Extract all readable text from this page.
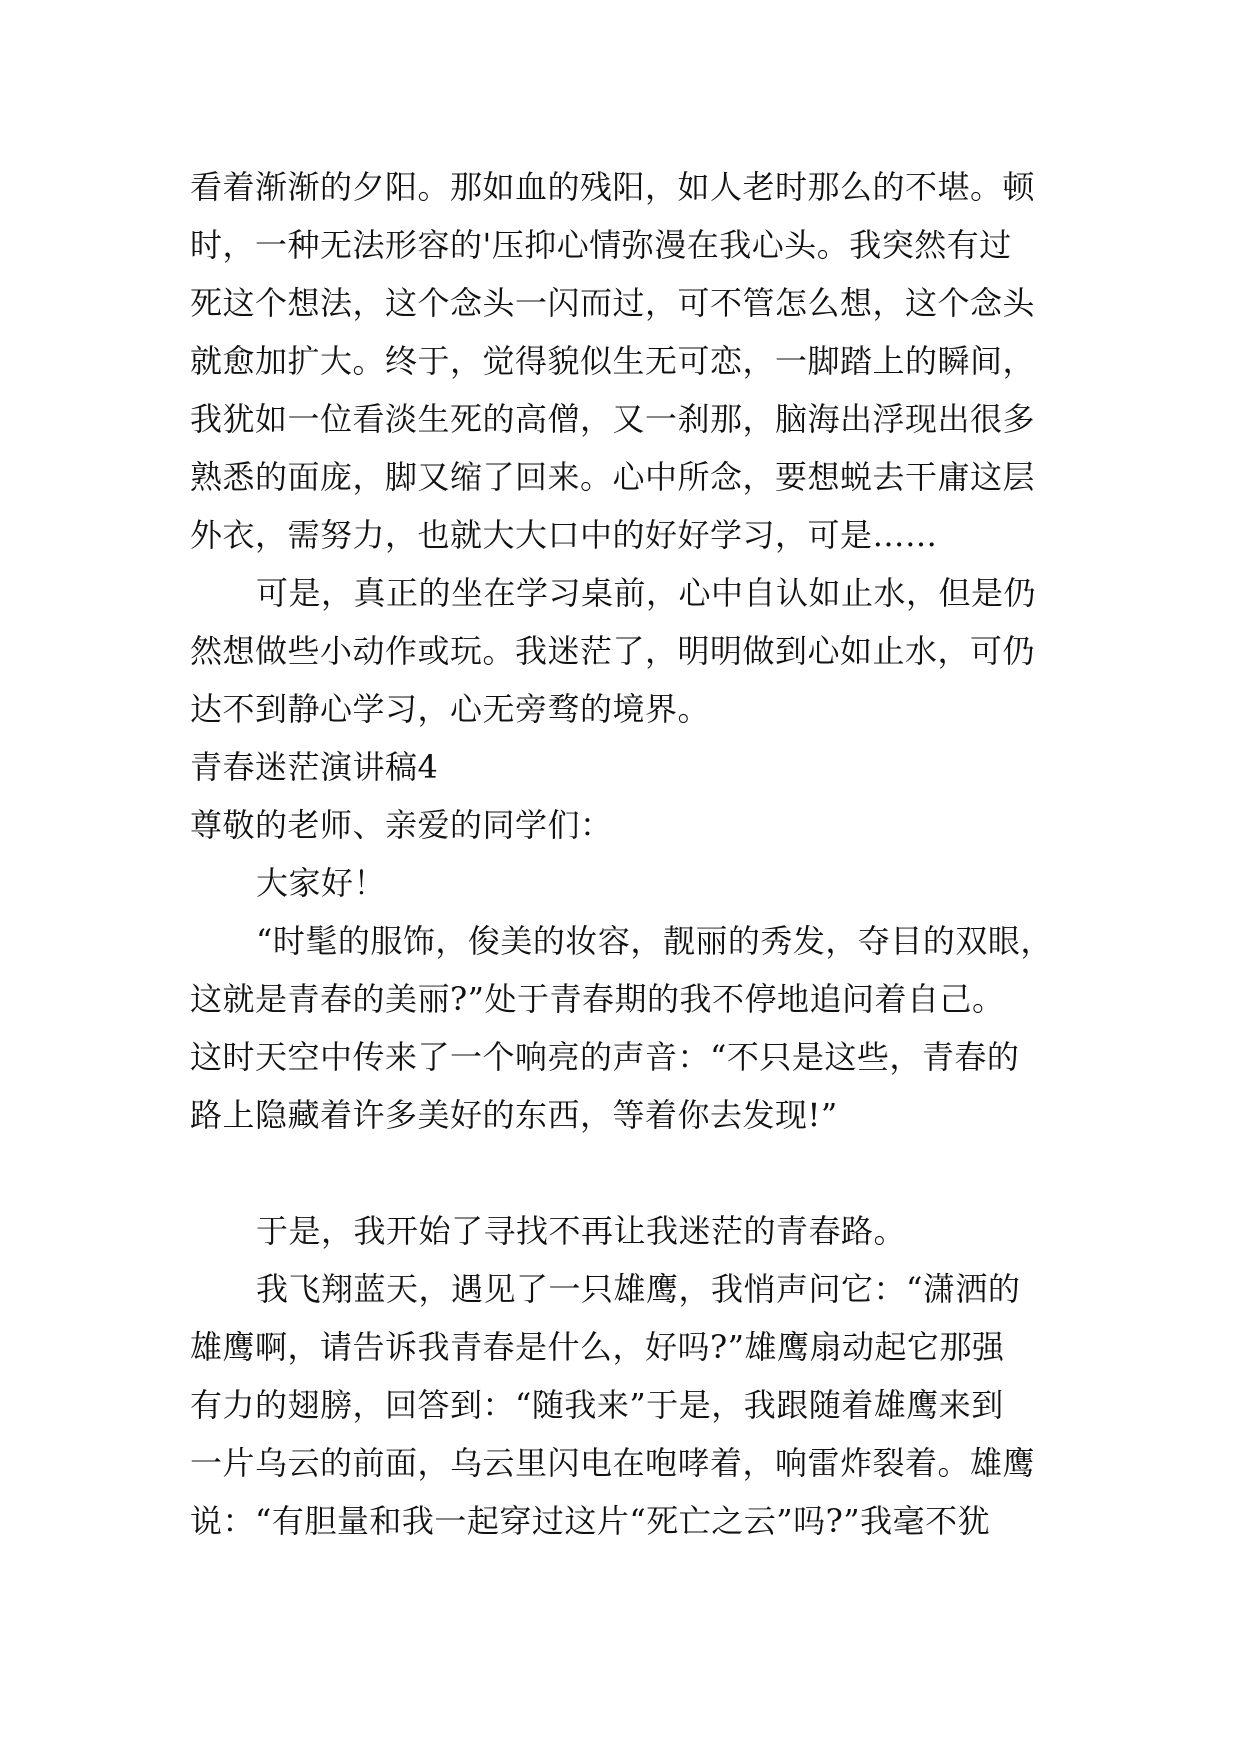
看着渐渐的夕阳。那如血的残阳，如人老时那么的不堪。顿
时，一种无法形容的'压抑心情弥漫在我心头。我突然有过
死这个想法，这个念头一闪而过，可不管怎么想，这个念头
就愈加扩大。终于，觉得貌似生无可恋，一脚踏上的瞬间，
我犹如一位看淡生死的高僧，又一刹那，脑海出浮现出很多
熟悉的面庞，脚又缩了回来。心中所念，要想蜕去干庸这层
外衣，需努力，也就大大口中的好好学习，可是……
可是，真正的坐在学习桌前，心中自认如止水，但是仍
然想做些小动作或玩。我迷茫了，明明做到心如止水，可仍
达不到静心学习，心无旁骛的境界。
青春迷茫演讲稿4
尊敬的老师、亲爱的同学们：
大家好！
“时髦的服饰，俊美的妆容，靓丽的秀发，夺目的双眼，
这就是青春的美丽?”处于青春期的我不停地追问着自己。
这时天空中传来了一个响亮的声音：“不只是这些，青春的
路上隐藏着许多美好的东西，等着你去发现!”
于是，我开始了寻找不再让我迷茫的青春路。
我飞翔蓝天，遇见了一只雄鹰，我悄声问它：“潇洒的
雄鹰啊，请告诉我青春是什么，好吗?”雄鹰扇动起它那强
有力的翅膀，回答到：“随我来”于是，我跟随着雄鹰来到
一片乌云的前面，乌云里闪电在咆哮着，响雷炸裂着。雄鹰
说：“有胆量和我一起穿过这片“死亡之云”吗?”我毫不犹
